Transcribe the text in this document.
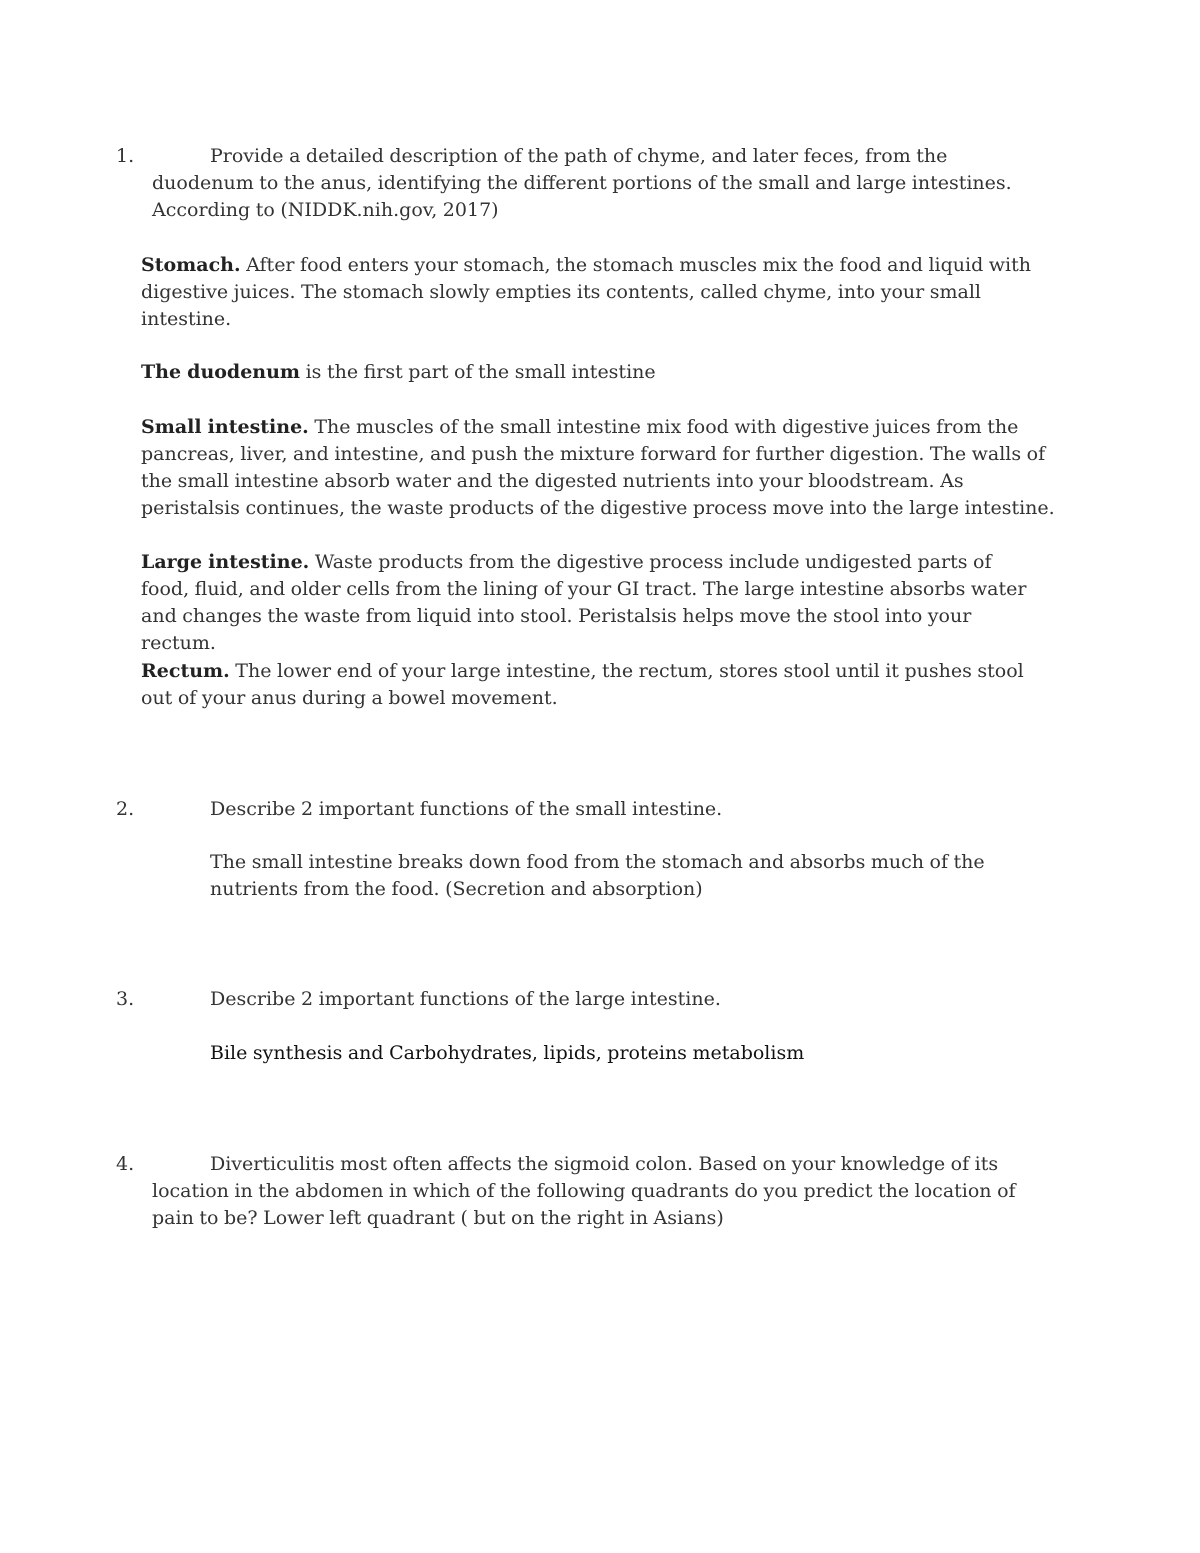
1.	Provide a detailed description of the path of chyme, and later feces, from the duodenum to the anus, identifying the different portions of the small and large intestines. According to (NIDDK.nih.gov, 2017)
Stomach. After food enters your stomach, the stomach muscles mix the food and liquid with digestive juices. The stomach slowly empties its contents, called chyme, into your small intestine.
The duodenum is the first part of the small intestine
Small intestine. The muscles of the small intestine mix food with digestive juices from the pancreas, liver, and intestine, and push the mixture forward for further digestion. The walls of the small intestine absorb water and the digested nutrients into your bloodstream. As peristalsis continues, the waste products of the digestive process move into the large intestine.
Large intestine. Waste products from the digestive process include undigested parts of food, fluid, and older cells from the lining of your GI tract. The large intestine absorbs water and changes the waste from liquid into stool. Peristalsis helps move the stool into your rectum.
Rectum. The lower end of your large intestine, the rectum, stores stool until it pushes stool out of your anus during a bowel movement.
2.	Describe 2 important functions of the small intestine.
The small intestine breaks down food from the stomach and absorbs much of the nutrients from the food. (Secretion and absorption)
3.	Describe 2 important functions of the large intestine.
Bile synthesis and Carbohydrates, lipids, proteins metabolism
4.	Diverticulitis most often affects the sigmoid colon. Based on your knowledge of its location in the abdomen in which of the following quadrants do you predict the location of pain to be? Lower left quadrant ( but on the right in Asians)
